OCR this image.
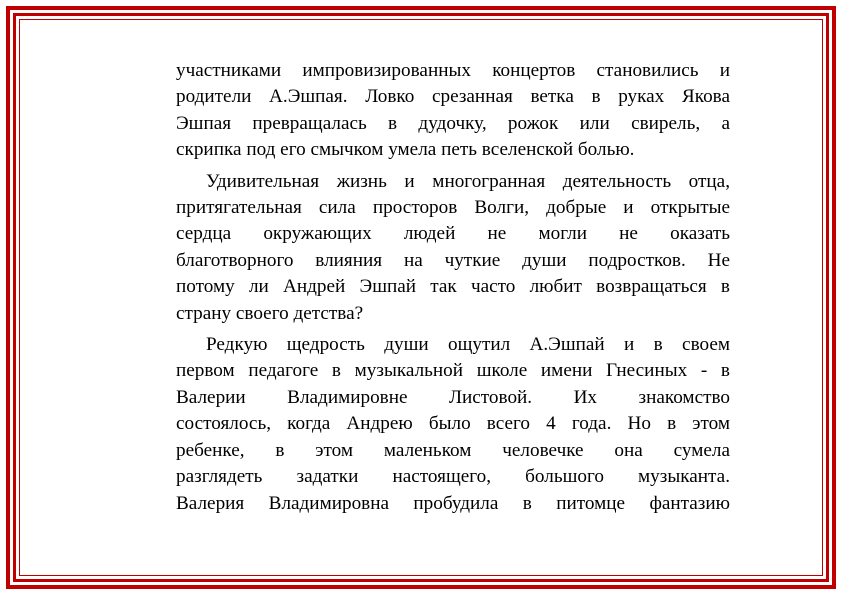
участниками импровизированных концертов становились и
родители А.Эшпая. Ловко срезанная ветка в руках Якова
Эшпая превращалась в дудочку, рожок или свирель, а
скрипка под его смычком умела петь вселенской болью.

Удивительная жизнь и многогранная деятельность отца,
притягательная сила просторов Волги, добрые и открытые
сердца окружающих людей не могли не оказать
благотворного влияния на чуткие души подростков. Не
потому ли Андрей Эшпай так часто любит возвращаться в
страну своего детства?

Редкую щедрость души ощутил А.Эшпай и в своем
первом педагоге в музыкальной школе имени Гнесиных - в
Валерии Владимировне Листовой. Их знакомство
состоялось, когда Андрею было всего 4 года. Но в этом
ребенке, в этом маленьком человечке она сумела
разглядеть задатки настоящего, большого музыканта.
Валерия Владимировна пробудила в питомце фантазию
